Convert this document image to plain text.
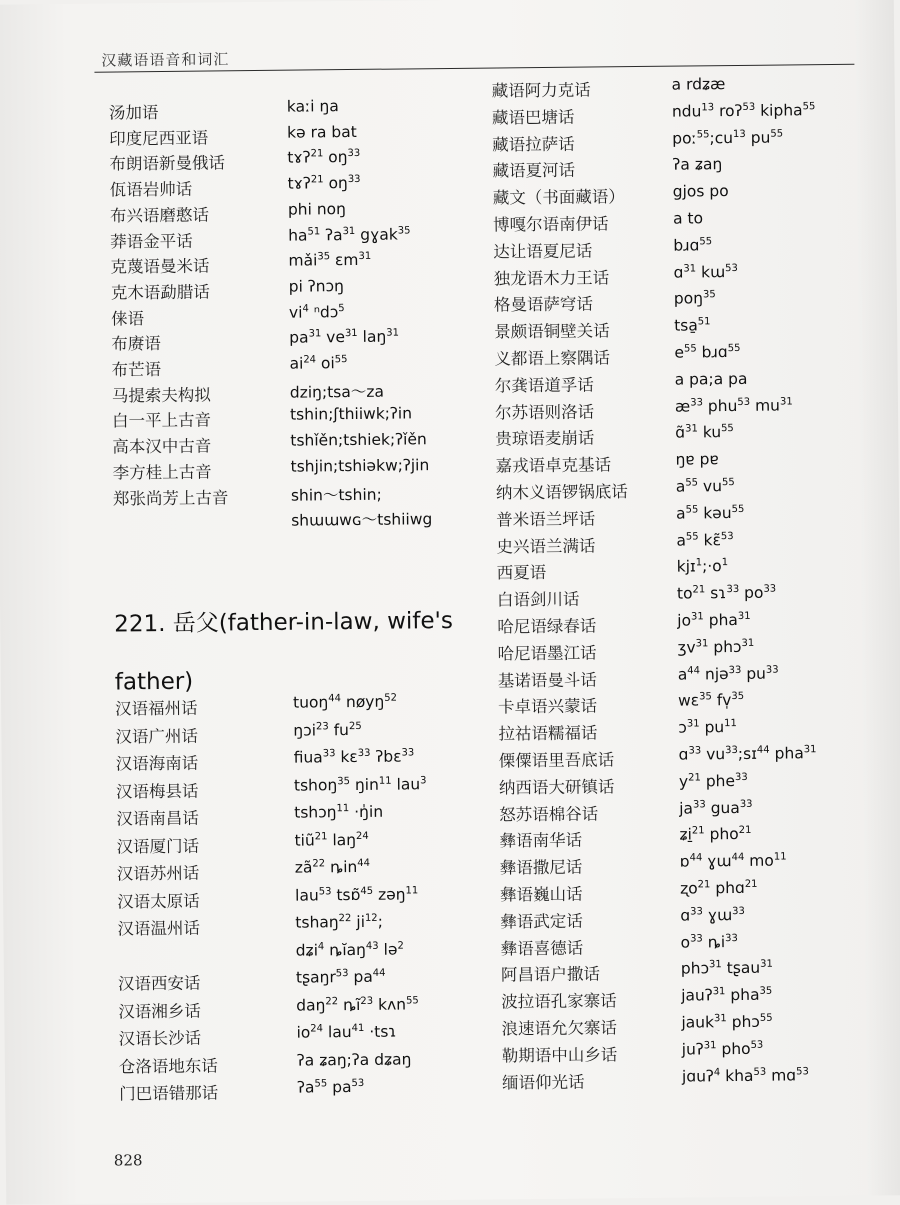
汉藏语语音和词汇
汤加语	kaːi ŋa
印度尼西亚语	kə ra bat
布朗语新曼俄话	tɤʔ$^{21}$ $oŋ^{33}$
佤语岩帅话	tɤʔ$^{21}$ $oŋ^{33}$
布兴语磨憨话	phi noŋ
莽语金平话	$ha^{51}$ ʔa$^{31}$ gɣak$^{35}$
克蔑语曼米话	mǎi$^{35}$ ɛm$^{31}$
克木语勐腊话	pi ʔnɔŋ
俫语	$vi^4$ ⁿdɔ$^5$
布赓语	$pa^{31}$ $ve^{31}$ laŋ$^{31}$
布芒语	$ai^{24}$ $oi^{55}$
马提索夫构拟	dziŋ;tsa～za
白一平上古音	tshin;ʃthiiwk;ʔin
高本汉中古音	tshǐěn;tshiek;ʔǐěn
李方桂上古音	tshjin;tshiəkw;ʔjin
郑张尚芳上古音	shin～tshin;
shɯɯwɢ～tshiiwg
221. 岳父(father-in-law, wife's father)
汉语福州话	tuoŋ$^{44}$ nøyŋ$^{52}$
汉语广州话	ŋɔi$^{23}$ $fu^{25}$
汉语海南话	fiua$^{33}$ kɛ$^{33}$ ʔbɛ$^{33}$
汉语梅县话	tshoŋ$^{35}$ ŋin$^{11}$ lau$^3$
汉语南昌话	tshɔŋ$^{11}$ ·ŋ̍in
汉语厦门话	tiũ$^{21}$ laŋ$^{24}$
汉语苏州话	$zã^{22}$ ȵin$^{44}$
汉语太原话	lau$^{53}$ tsɒ̃$^{45}$ zəŋ$^{11}$
汉语温州话	tshaŋ$^{22}$ $ji^{12}$;
dʑi$^4$ ȵĭaŋ$^{43}$ lə$^2$
汉语西安话	tʂaŋr$^{53}$ $pa^{44}$
汉语湘乡话	daŋ$^{22}$ $ȵĩ^{23}$ kʌn$^{55}$
汉语长沙话	$io^{24}$ lau$^{41}$ ·tsɿ
仓洛语地东话	ʔa ʑaŋ;ʔa dʑaŋ
门巴语错那话	ʔa$^{55}$ $pa^{53}$
藏语阿力克话	a rdʑæ
藏语巴塘话	ndu$^{13}$ roʔ$^{53}$ kipha$^{55}$
藏语拉萨话	$poː^{55};cu^{13}$ $pu^{55}$
藏语夏河话	ʔa ʑaŋ
藏文（书面藏语）	gjos po
博嘎尔语南伊话	a to
达让语夏尼话	bɹɑ$^{55}$
独龙语木力王话	ɑ$^{31}$ kɯ$^{53}$
格曼语萨穹话	poŋ$^{35}$
景颇语铜壁关话	tsa̱$^{51}$
义都语上察隅话	$e^{55}$ bɹɑ$^{55}$
尔龚语道孚话	a pa;a pa
尔苏语则洛话	$æ^{33}$ phu$^{53}$ $mu^{31}$
贵琼语麦崩话	ɑ̃$^{31}$ $ku^{55}$
嘉戎语卓克基话	ŋɐ pɐ
纳木义语锣锅底话	$a^{55}$ $vu^{55}$
普米语兰坪话	$a^{55}$ kəu$^{55}$
史兴语兰满话	$a^{55}$ kɛ̃$^{53}$
西夏语	$kjɪ^1;\cdot o^1$
白语剑川话	$to^{21}$ sɿ$^{33}$ $po^{33}$
哈尼语绿春话	$jo^{31}$ pha$^{31}$
哈尼语墨江话	ʒv$^{31}$ phɔ$^{31}$
基诺语曼斗话	$a^{44}$ njə$^{33}$ $pu^{33}$
卡卓语兴蒙话	wɛ$^{35}$ fv̩$^{35}$
拉祜语糯福话	ɔ$^{31}$ $pu^{11}$
傈僳语里吾底话	ɑ$^{33}$ $vu^{33};sɪ^{44}$ pha$^{31}$
纳西语大研镇话	$y^{21}$ phe$^{33}$
怒苏语棉谷话	$ja^{33}$ gua$^{33}$
彝语南华话	ʑi̱$^{21}$ pho$^{21}$
彝语撒尼话	ɒ$^{44}$ ɣɯ$^{44}$ $mo^{11}$
彝语巍山话	ʐo$^{21}$ phɑ$^{21}$
彝语武定话	ɑ$^{33}$ ɣɯ$^{33}$
彝语喜德话	$o^{33}$ $ȵi^{33}$
阿昌语户撒话	phɔ$^{31}$ tʂau$^{31}$
波拉语孔家寨话	jauʔ$^{31}$ pha$^{35}$
浪速语允欠寨话	jauk$^{31}$ phɔ$^{55}$
勒期语中山乡话	juʔ$^{31}$ pho$^{53}$
缅语仰光话	jɑuʔ$^4$ kha$^{53}$ mɑ$^{53}$
828
